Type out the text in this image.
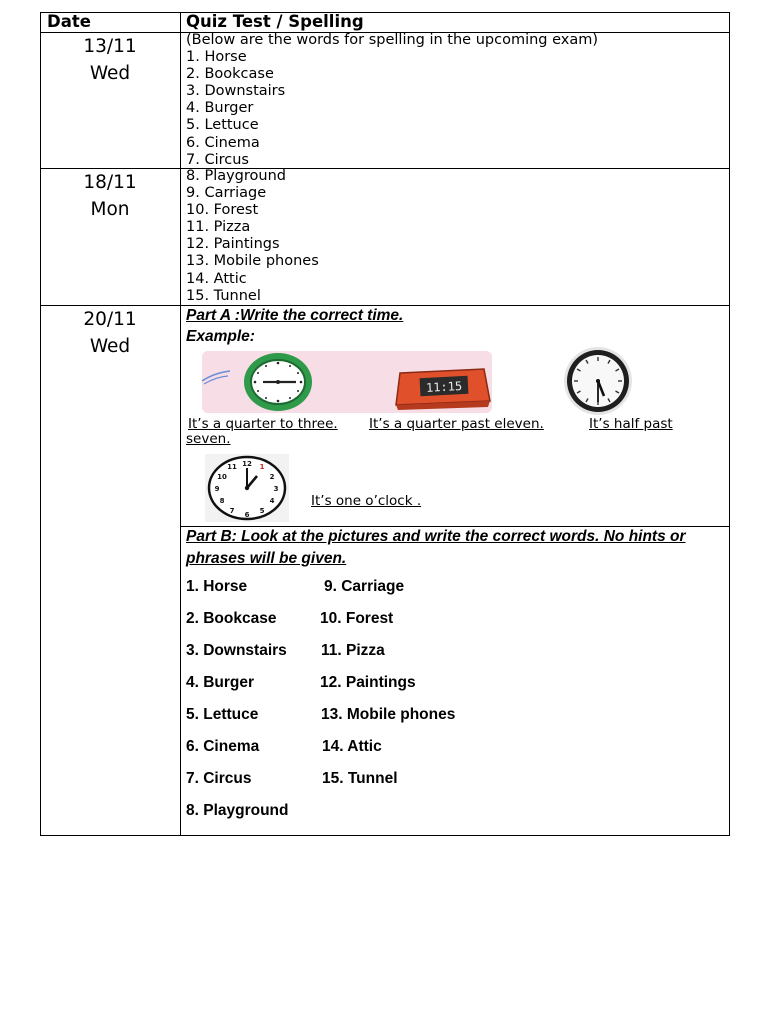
Date	Quiz Test / Spelling
13/11
Wed
(Below are the words for spelling in the upcoming exam)
1. Horse
2. Bookcase
3. Downstairs
4. Burger
5. Lettuce
6. Cinema
7. Circus
18/11
Mon
8. Playground
9. Carriage
10. Forest
11. Pizza
12. Paintings
13. Mobile phones
14. Attic
15. Tunnel
20/11
Wed
Part A :Write the correct time.
Example:
11:15
It’s a quarter to three. It’s a quarter past eleven.	It’s half past
seven.
12 1
2
3
4
5
6
7
8
9
10
11
It’s one o’clock .
Part B: Look at the pictures and write the correct words. No hints or
phrases will be given.
1. Horse
2. Bookcase
3. Downstairs
4. Burger
5. Lettuce
6. Cinema
7. Circus
8. Playground
9. Carriage
10. Forest
11. Pizza
12. Paintings
13. Mobile phones
14. Attic
15. Tunnel
